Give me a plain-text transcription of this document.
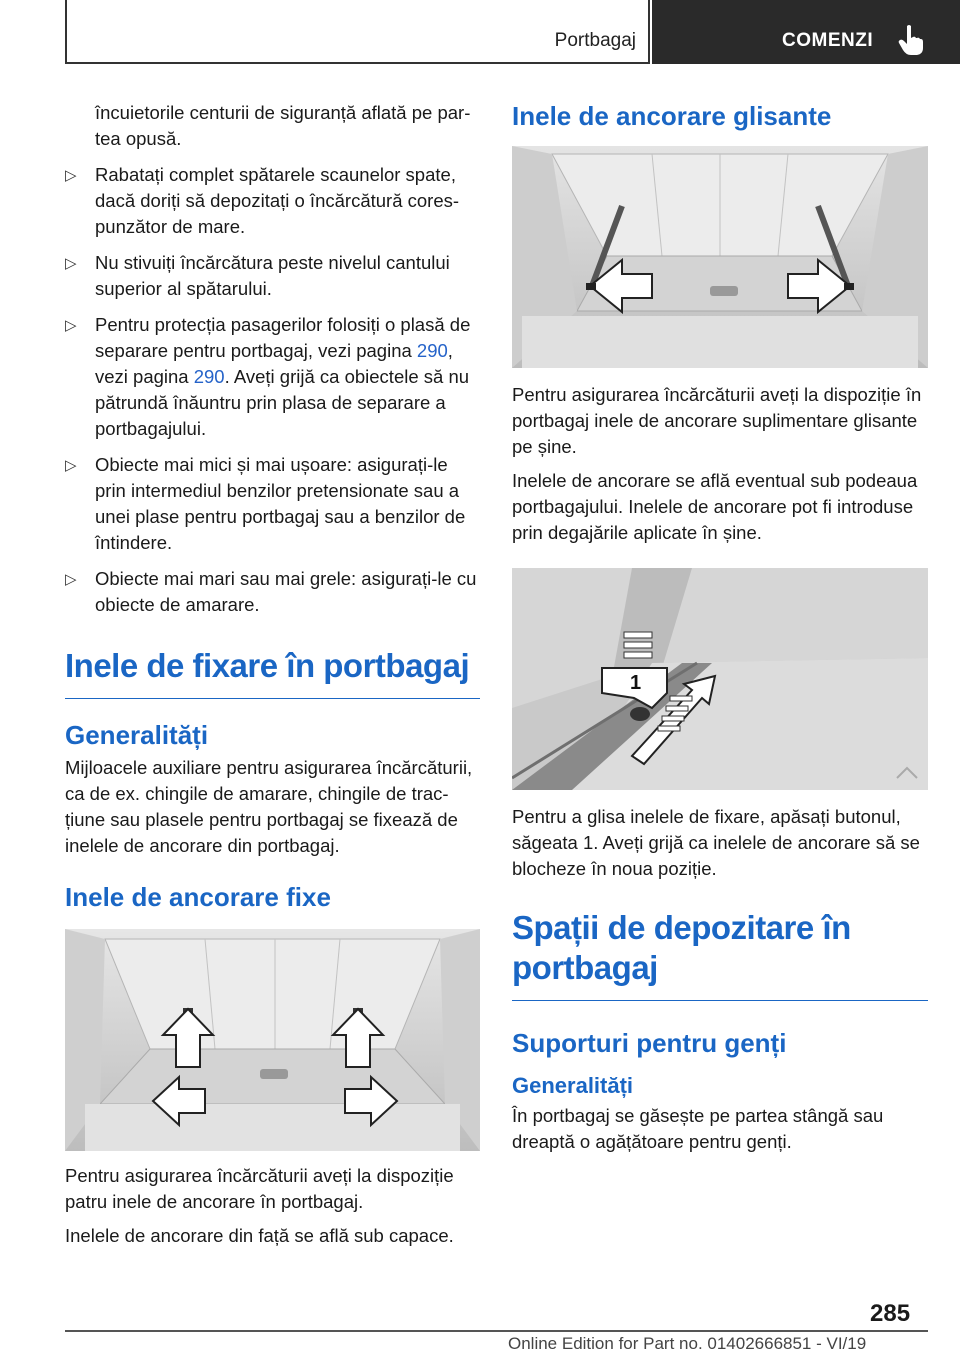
Portbagaj	COMENZI

încuietorile centurii de siguranță aflată pe partea opusă.

▷ Rabatați complet spătarele scaunelor spate, dacă doriți să depozitați o încărcătură corespunzător de mare.
▷ Nu stivuiți încărcătura peste nivelul cantului superior al spătarului.
▷ Pentru protecția pasagerilor folosiți o plasă de separare pentru portbagaj, vezi pagina 290, vezi pagina 290. Aveți grijă ca obiectele să nu pătrundă înăuntru prin plasa de separare a portbagajului.
▷ Obiecte mai mici și mai ușoare: asigurați-le prin intermediul benzilor pretensionate sau a unei plase pentru portbagaj sau a benzilor de întindere.
▷ Obiecte mai mari sau mai grele: asigurați-le cu obiecte de amarare.
Inele de fixare în portbagaj
Generalități

Mijloacele auxiliare pentru asigurarea încărcăturii, ca de ex. chingile de amarare, chingile de tracțiune sau plasele pentru portbagaj se fixează de inelele de ancorare din portbagaj.

Inele de ancorare fixe

Pentru asigurarea încărcăturii aveți la dispoziție patru inele de ancorare în portbagaj.

Inelele de ancorare din față se află sub capace.

Inele de ancorare glisante

Pentru asigurarea încărcăturii aveți la dispoziție în portbagaj inele de ancorare suplimentare glisante pe șine.

Inelele de ancorare se află eventual sub podeaua portbagajului. Inelele de ancorare pot fi introduse prin degajările aplicate în șine.

1

Pentru a glisa inelele de fixare, apăsați butonul, săgeata 1. Aveți grijă ca inelele de ancorare să se blocheze în noua poziție.

Spații de depozitare în portbagaj
Suporturi pentru genți
Generalități

În portbagaj se găsește pe partea stângă sau dreaptă o agățătoare pentru genți.

285
Online Edition for Part no. 01402666851 - VI/19
